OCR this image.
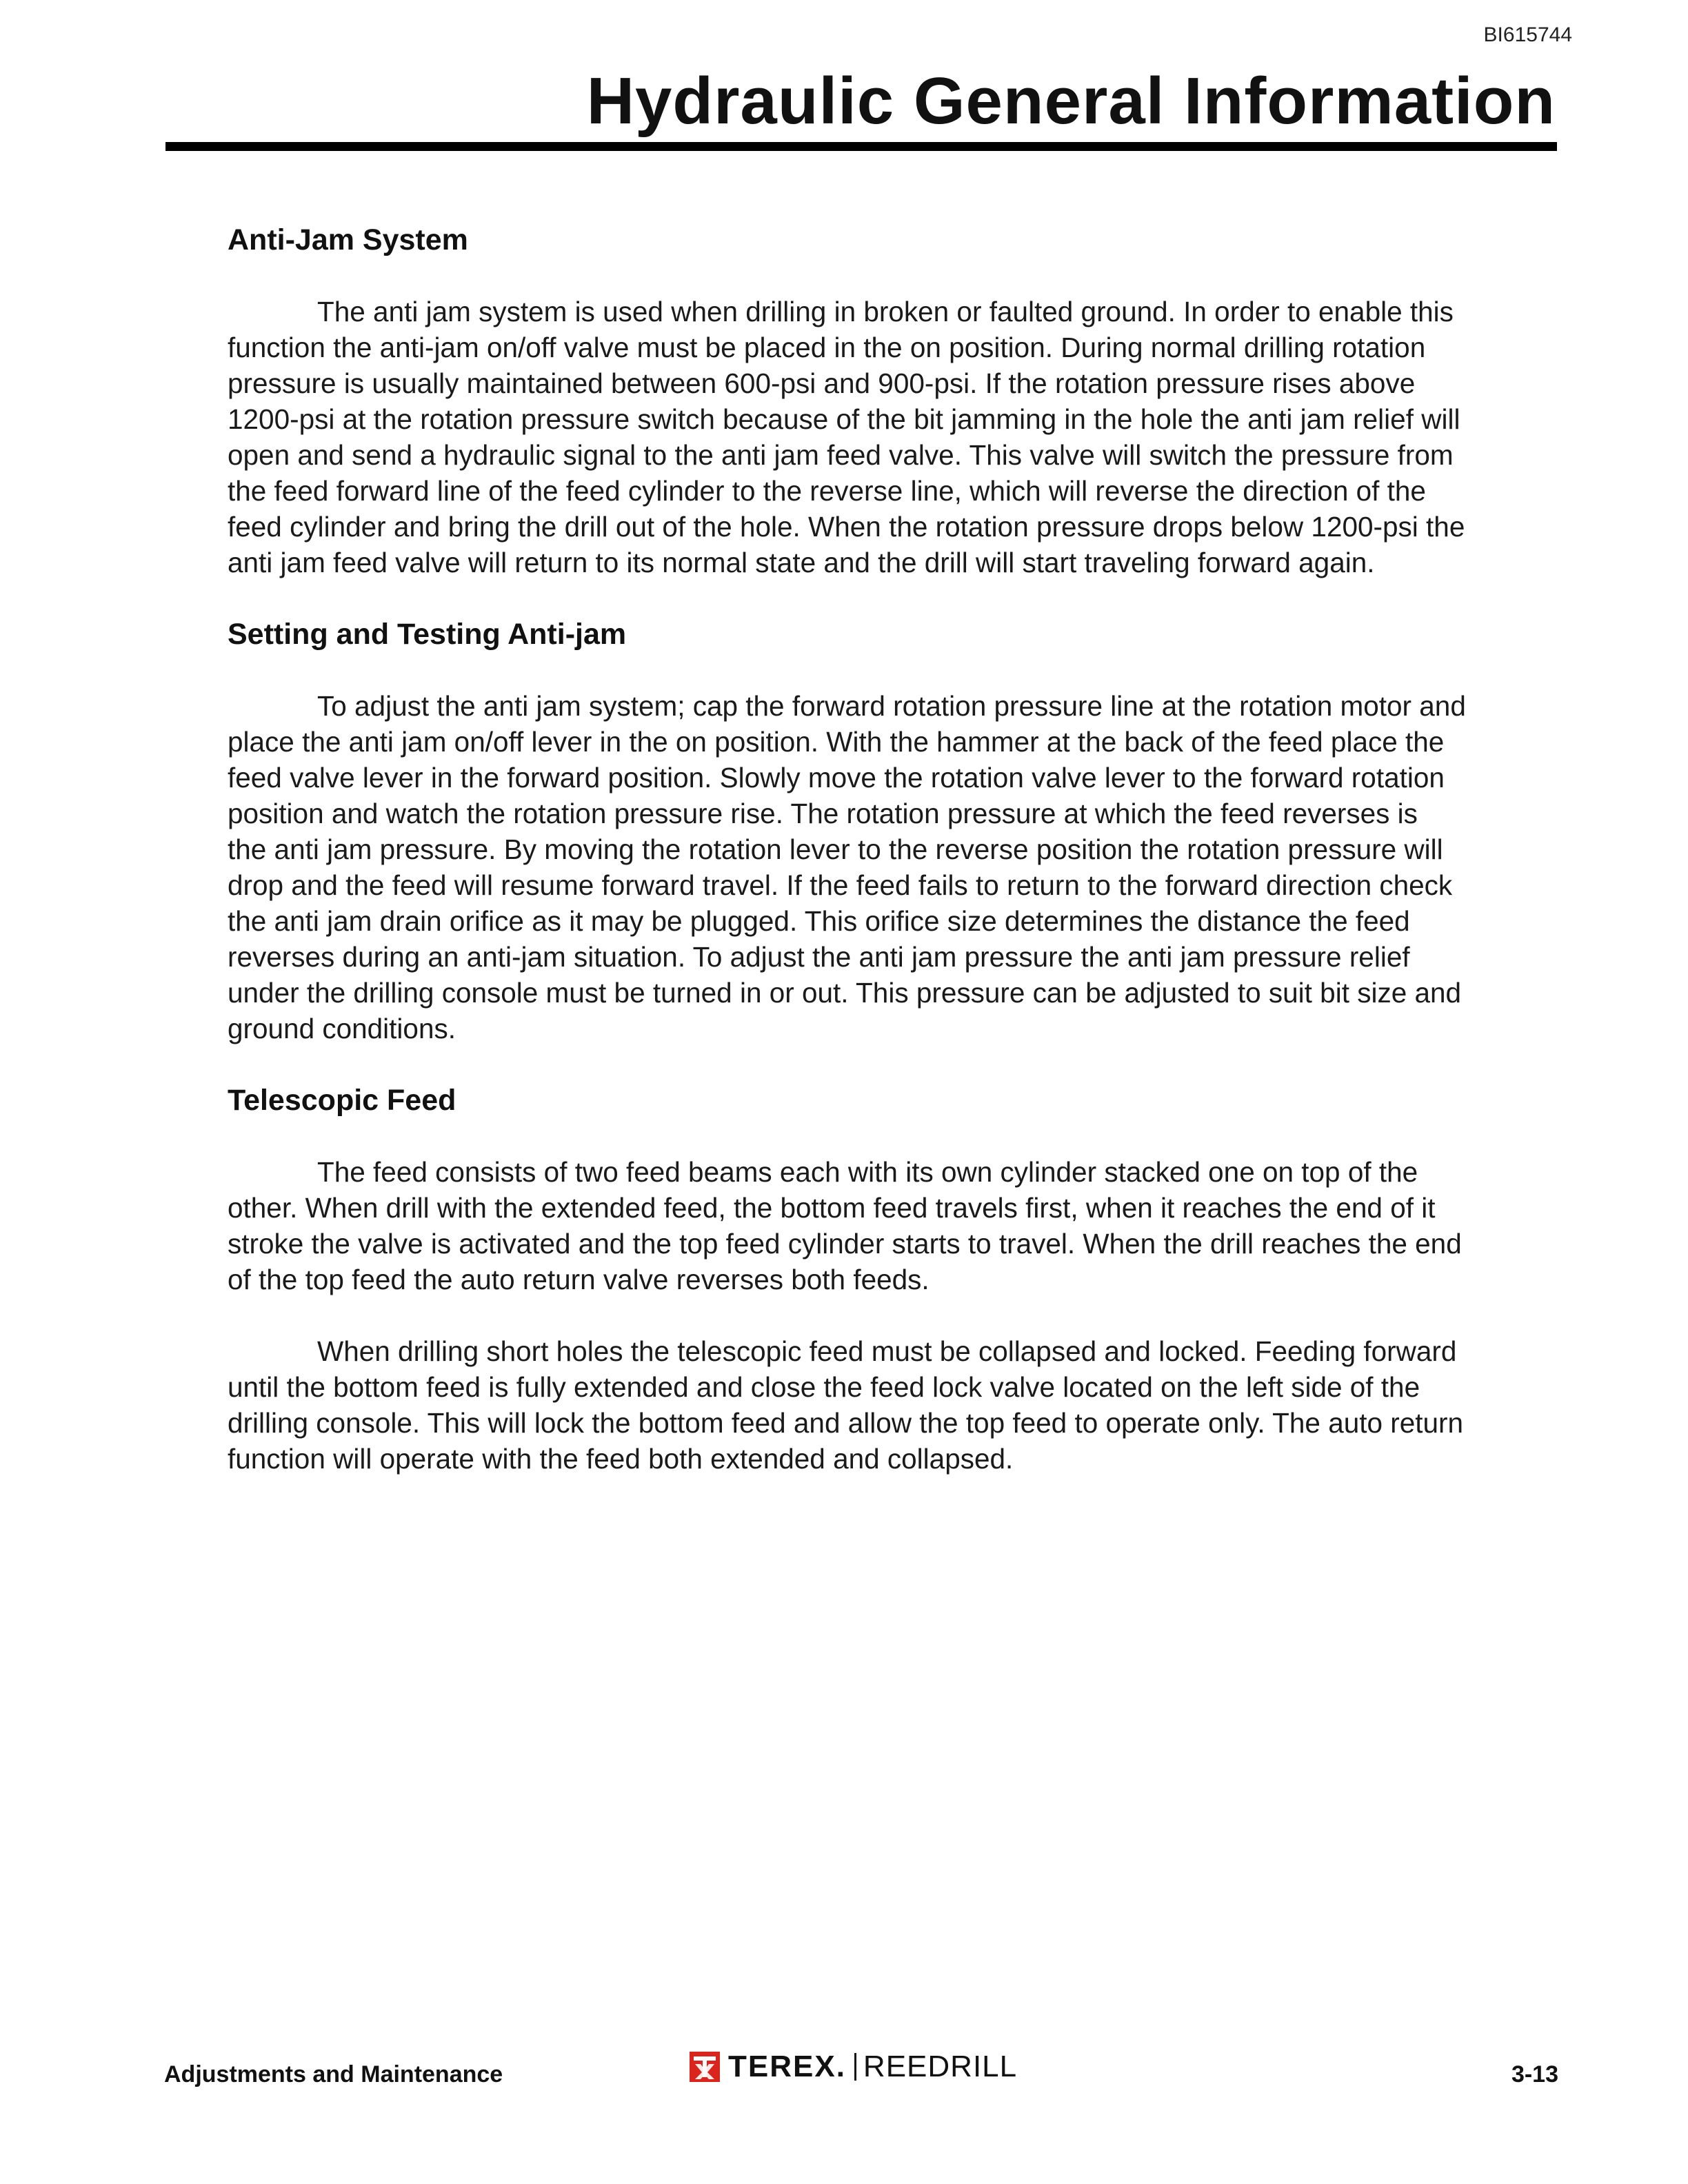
BI615744
Hydraulic General Information
Anti-Jam System

The anti jam system is used when drilling in broken or faulted ground. In order to enable this
function the anti-jam on/off valve must be placed in the on position. During normal drilling rotation
pressure is usually maintained between 600-psi and 900-psi. If the rotation pressure rises above
1200-psi at the rotation pressure switch because of the bit jamming in the hole the anti jam relief will
open and send a hydraulic signal to the anti jam feed valve. This valve will switch the pressure from
the feed forward line of the feed cylinder to the reverse line, which will reverse the direction of the
feed cylinder and bring the drill out of the hole. When the rotation pressure drops below 1200-psi the
anti jam feed valve will return to its normal state and the drill will start traveling forward again.

Setting and Testing Anti-jam

To adjust the anti jam system; cap the forward rotation pressure line at the rotation motor and
place the anti jam on/off lever in the on position. With the hammer at the back of the feed place the
feed valve lever in the forward position. Slowly move the rotation valve lever to the forward rotation
position and watch the rotation pressure rise. The rotation pressure at which the feed reverses is
the anti jam pressure. By moving the rotation lever to the reverse position the rotation pressure will
drop and the feed will resume forward travel. If the feed fails to return to the forward direction check
the anti jam drain orifice as it may be plugged. This orifice size determines the distance the feed
reverses during an anti-jam situation. To adjust the anti jam pressure the anti jam pressure relief
under the drilling console must be turned in or out. This pressure can be adjusted to suit bit size and
ground conditions.

Telescopic Feed

The feed consists of two feed beams each with its own cylinder stacked one on top of the
other. When drill with the extended feed, the bottom feed travels first, when it reaches the end of it
stroke the valve is activated and the top feed cylinder starts to travel. When the drill reaches the end
of the top feed the auto return valve reverses both feeds.

When drilling short holes the telescopic feed must be collapsed and locked. Feeding forward
until the bottom feed is fully extended and close the feed lock valve located on the left side of the
drilling console. This will lock the bottom feed and allow the top feed to operate only. The auto return
function will operate with the feed both extended and collapsed.

Adjustments and Maintenance	TEREX. REEDRILL	3-13
